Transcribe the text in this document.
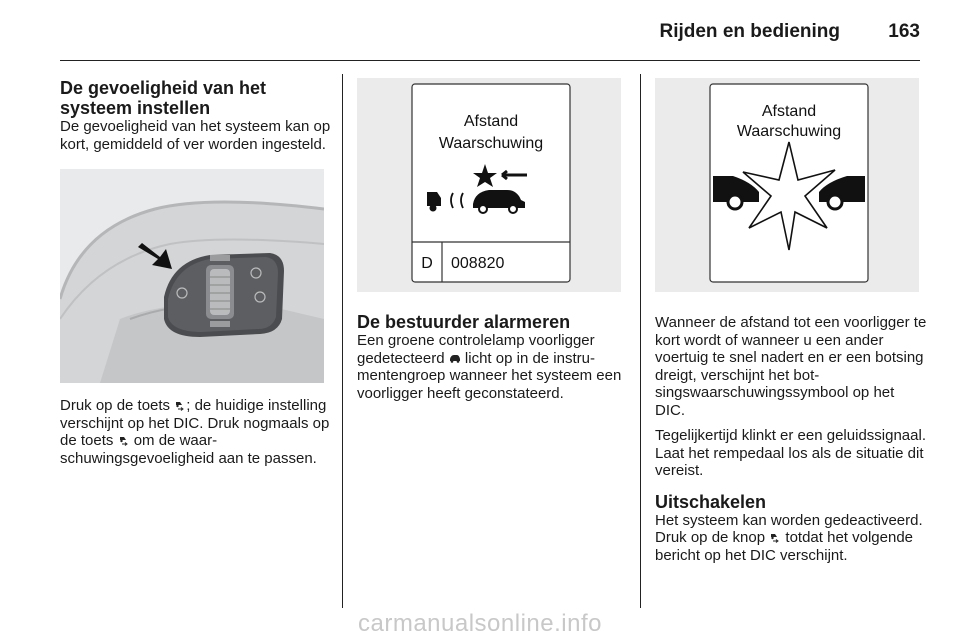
Rijden en bediening	163
De gevoeligheid van het systeem instellen

De gevoeligheid van het systeem kan op kort, gemiddeld of ver worden ingesteld.

Druk op de toets ; de huidige instelling verschijnt op het DIC. Druk nogmaals op de toets  om de waarschuwingsgevoeligheid aan te passen.

Afstand
Waarschuwing
D 008820
De bestuurder alarmeren

Een groene controlelamp voorligger gedetecteerd  licht op in de instrumentengroep wanneer het systeem een voorligger heeft geconstateerd.

Afstand
Waarschuwing

Wanneer de afstand tot een voorligger te kort wordt of wanneer u een ander voertuig te snel nadert en er een botsing dreigt, verschijnt het botsingswaarschuwingssymbool op het DIC.

Tegelijkertijd klinkt er een geluidssignaal. Laat het rempedaal los als de situatie dit vereist.

Uitschakelen

Het systeem kan worden gedeactiveerd. Druk op de knop  totdat het volgende bericht op het DIC verschijnt.

carmanualsonline.info
